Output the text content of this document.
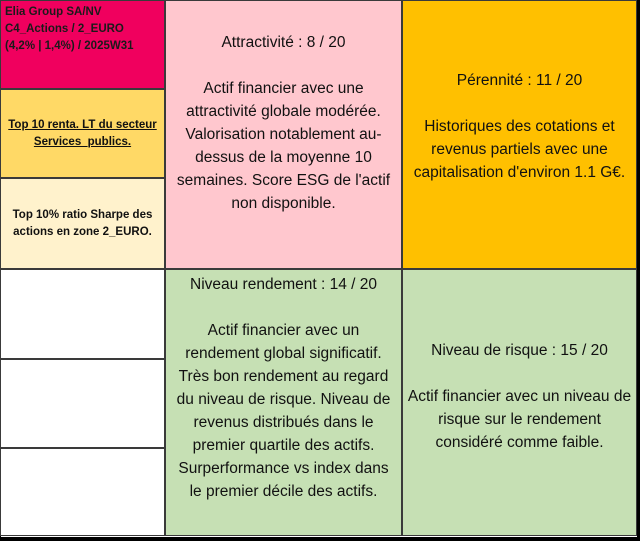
Elia Group SA/NV
C4_Actions / 2_EURO
(4,2% | 1,4%) / 2025W31
Top 10 renta. LT du secteur Services_publics.
Top 10% ratio Sharpe des actions en zone 2_EURO.
Attractivité : 8 / 20
Actif financier avec une attractivité globale modérée. Valorisation notablement au-dessus de la moyenne 10 semaines. Score ESG de l'actif non disponible.
Pérennité : 11 / 20
Historiques des cotations et revenus partiels avec une capitalisation d'environ 1.1 G€.
Niveau rendement : 14 / 20
Actif financier avec un rendement global significatif. Très bon rendement au regard du niveau de risque. Niveau de revenus distribués dans le premier quartile des actifs. Surperformance vs index dans le premier décile des actifs.
Niveau de risque : 15 / 20
Actif financier avec un niveau de risque sur le rendement considéré comme faible.
